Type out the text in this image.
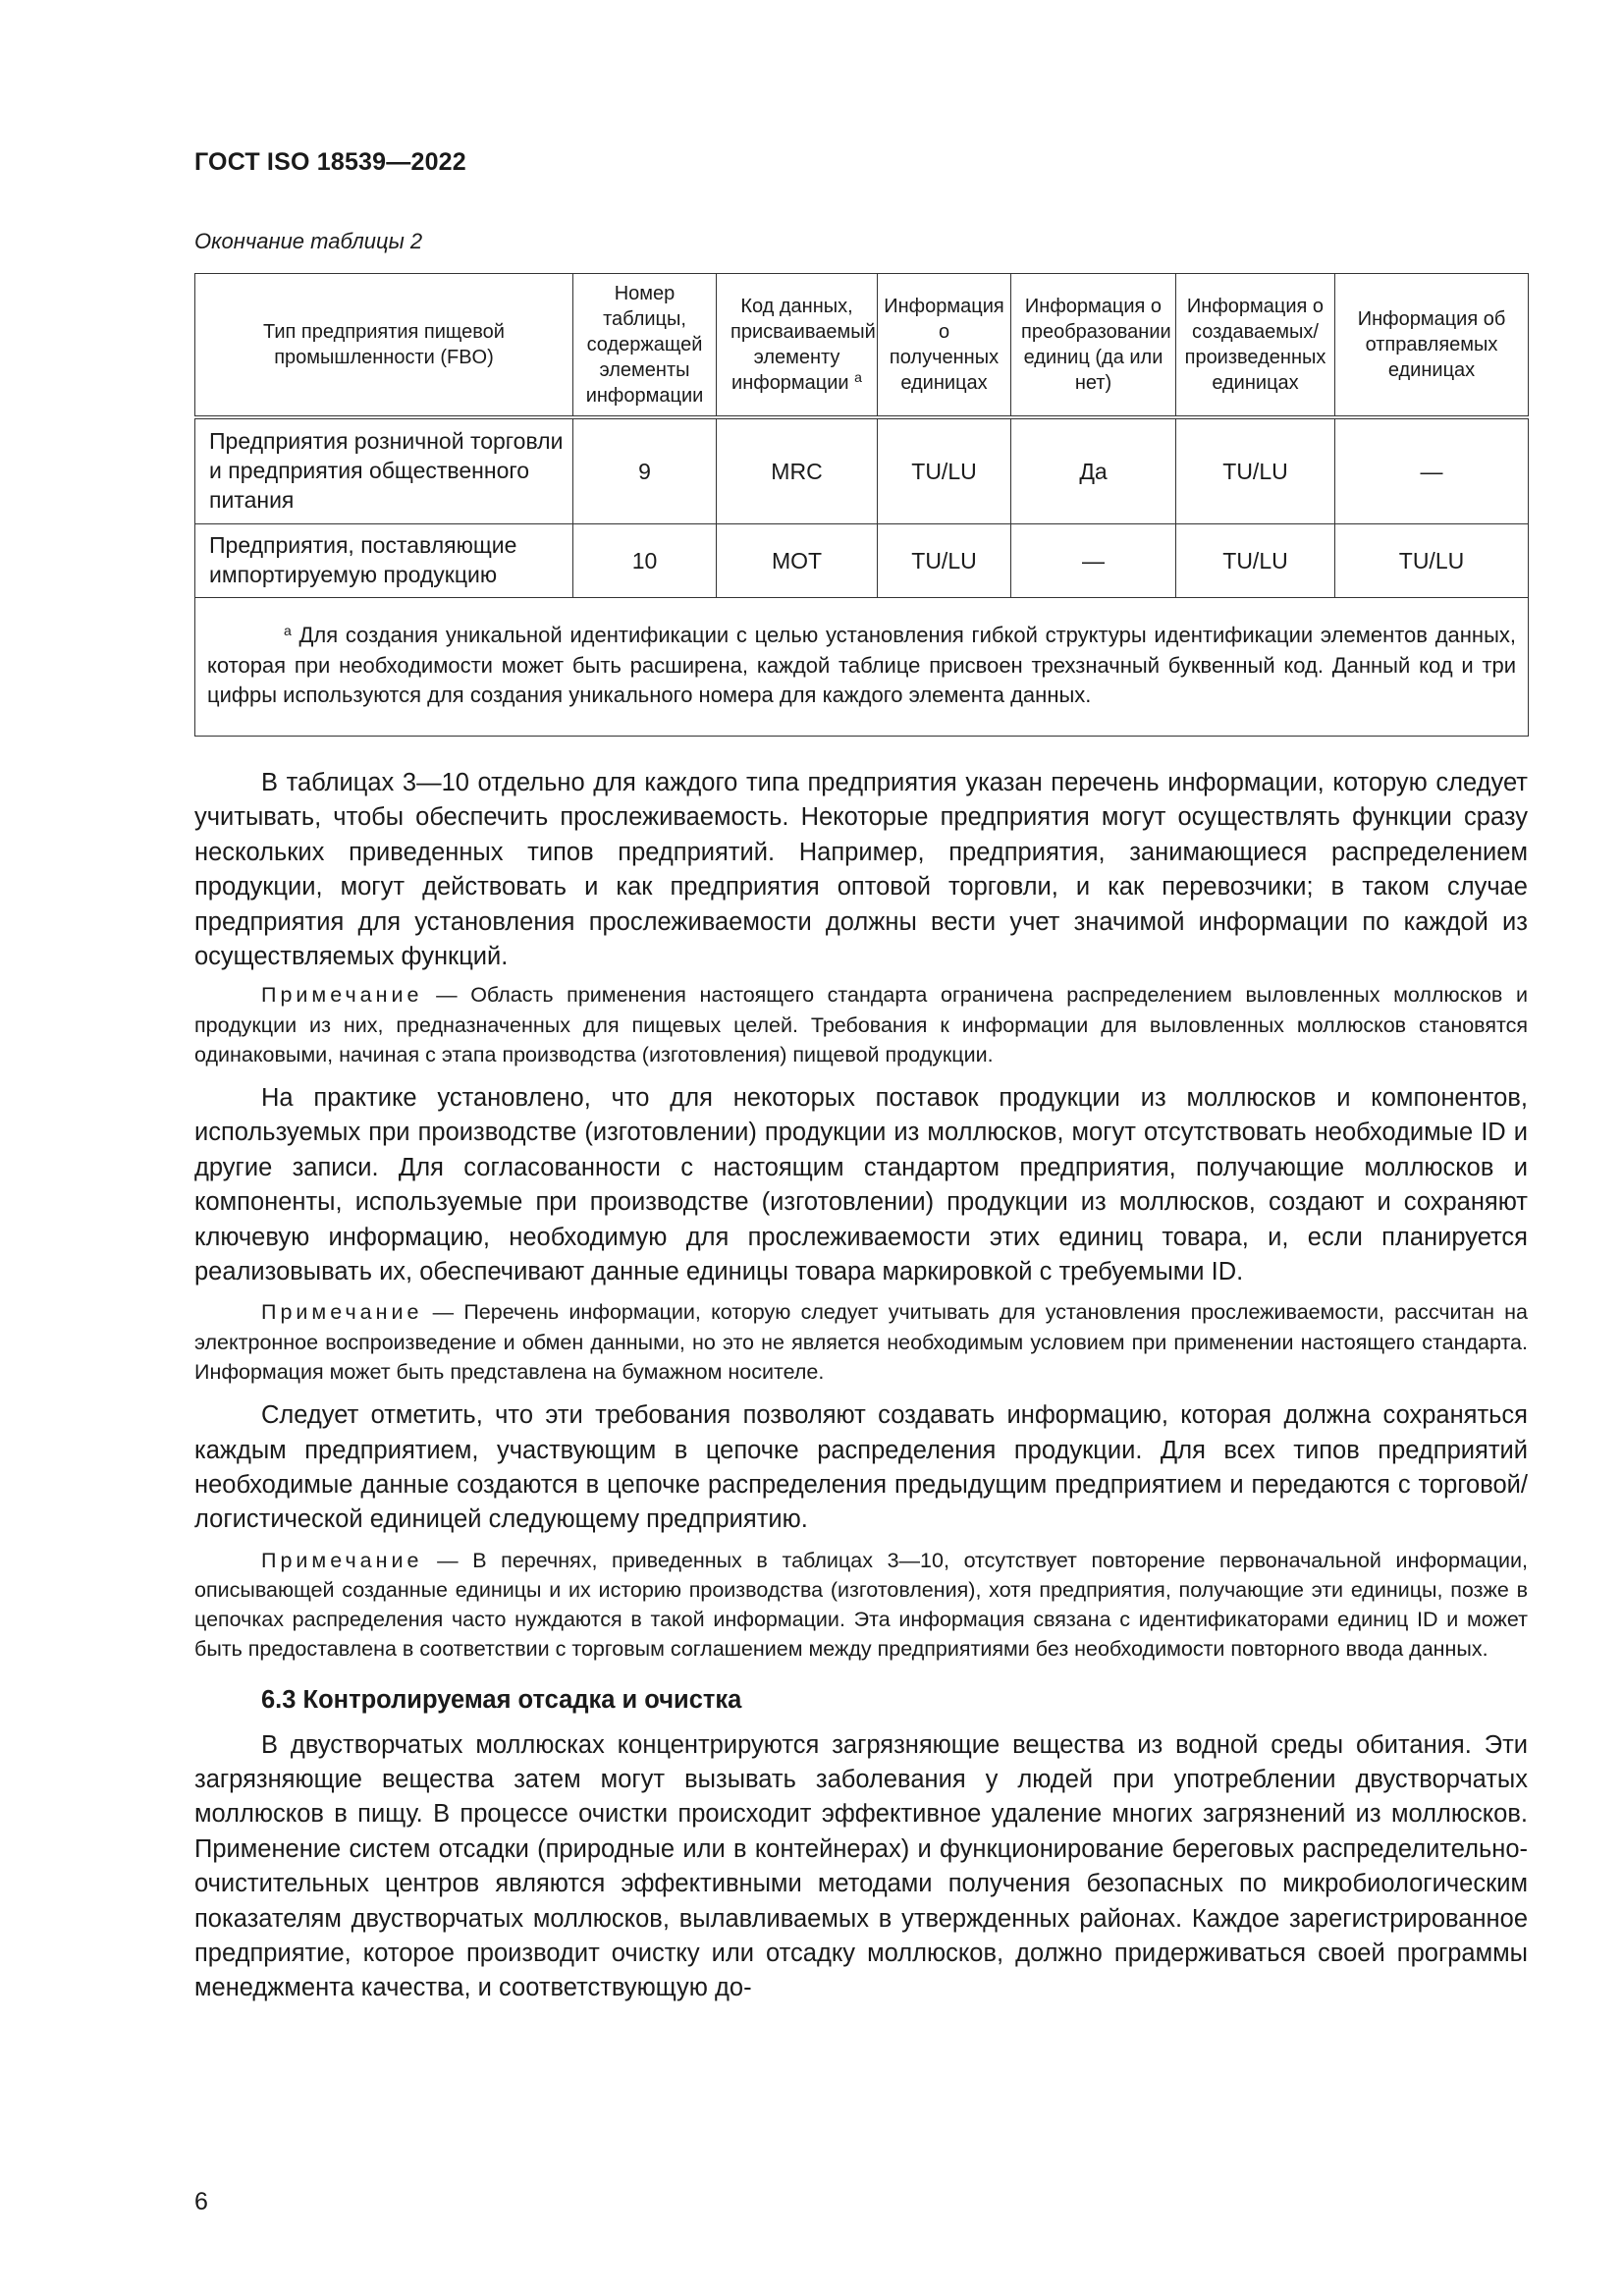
ГОСТ ISO 18539—2022
Окончание таблицы 2
Тип предприятия пищевой промышленности (FBO)	Номер таблицы, содержащей элементы информации	Код данных, присваиваемый элементу информации $^a$	Информация о полученных единицах	Информация о преобразовании единиц (да или нет)	Информация о создаваемых/произведенных единицах	Информация об отправляемых единицах
Предприятия розничной торговли и предприятия общественного питания	9	MRC	TU/LU	Да	TU/LU	—
Предприятия, поставляющие импортируемую продукцию	10	MOT	TU/LU	—	TU/LU	TU/LU
$^a$ Для создания уникальной идентификации с целью установления гибкой структуры идентификации элементов данных, которая при необходимости может быть расширена, каждой таблице присвоен трехзначный буквенный код. Данный код и три цифры используются для создания уникального номера для каждого элемента данных.						

В таблицах 3—10 отдельно для каждого типа предприятия указан перечень информации, которую следует учитывать, чтобы обеспечить прослеживаемость. Некоторые предприятия могут осуществлять функции сразу нескольких приведенных типов предприятий. Например, предприятия, занимающиеся распределением продукции, могут действовать и как предприятия оптовой торговли, и как перевозчики; в таком случае предприятия для установления прослеживаемости должны вести учет значимой информации по каждой из осуществляемых функций.

Примечание — Область применения настоящего стандарта ограничена распределением выловленных моллюсков и продукции из них, предназначенных для пищевых целей. Требования к информации для выловленных моллюсков становятся одинаковыми, начиная с этапа производства (изготовления) пищевой продукции.

На практике установлено, что для некоторых поставок продукции из моллюсков и компонентов, используемых при производстве (изготовлении) продукции из моллюсков, могут отсутствовать необходимые ID и другие записи. Для согласованности с настоящим стандартом предприятия, получающие моллюсков и компоненты, используемые при производстве (изготовлении) продукции из моллюсков, создают и сохраняют ключевую информацию, необходимую для прослеживаемости этих единиц товара, и, если планируется реализовывать их, обеспечивают данные единицы товара маркировкой с требуемыми ID.

Примечание — Перечень информации, которую следует учитывать для установления прослеживаемости, рассчитан на электронное воспроизведение и обмен данными, но это не является необходимым условием при применении настоящего стандарта. Информация может быть представлена на бумажном носителе.

Следует отметить, что эти требования позволяют создавать информацию, которая должна сохраняться каждым предприятием, участвующим в цепочке распределения продукции. Для всех типов предприятий необходимые данные создаются в цепочке распределения предыдущим предприятием и передаются с торговой/логистической единицей следующему предприятию.

Примечание — В перечнях, приведенных в таблицах 3—10, отсутствует повторение первоначальной информации, описывающей созданные единицы и их историю производства (изготовления), хотя предприятия, получающие эти единицы, позже в цепочках распределения часто нуждаются в такой информации. Эта информация связана с идентификаторами единиц ID и может быть предоставлена в соответствии с торговым соглашением между предприятиями без необходимости повторного ввода данных.

6.3 Контролируемая отсадка и очистка

В двустворчатых моллюсках концентрируются загрязняющие вещества из водной среды обитания. Эти загрязняющие вещества затем могут вызывать заболевания у людей при употреблении двустворчатых моллюсков в пищу. В процессе очистки происходит эффективное удаление многих загрязнений из моллюсков. Применение систем отсадки (природные или в контейнерах) и функционирование береговых распределительно-очистительных центров являются эффективными методами получения безопасных по микробиологическим показателям двустворчатых моллюсков, вылавливаемых в утвержденных районах. Каждое зарегистрированное предприятие, которое производит очистку или отсадку моллюсков, должно придерживаться своей программы менеджмента качества, и соответствующую до-

6
